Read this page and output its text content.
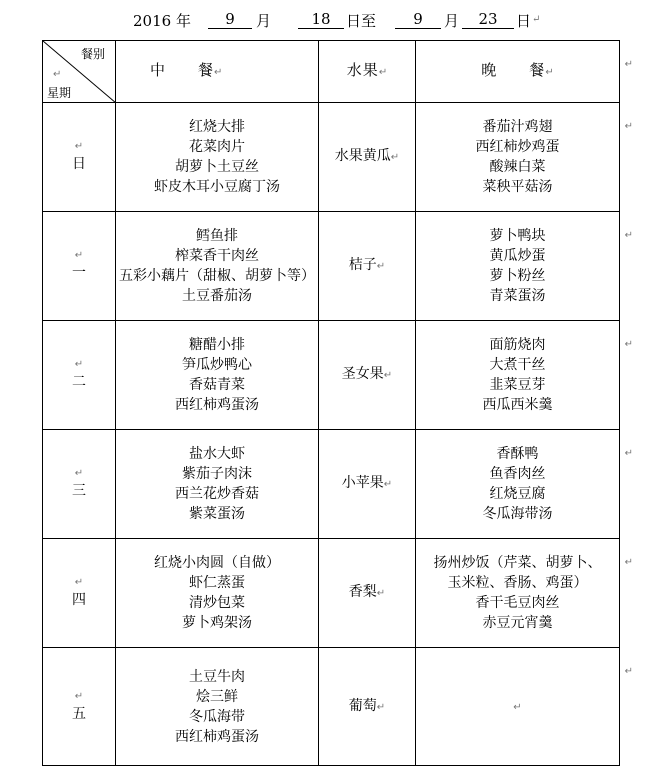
2016 年	9	月	18	日至	9	月	23	日 ↵
餐别
↵
星期	中　　餐↵	水果↵	晚　　餐↵
↵

↵
日	红烧大排
花菜肉片
胡萝卜土豆丝
虾皮木耳小豆腐丁汤	水果黄瓜↵	番茄汁鸡翅
西红柿炒鸡蛋
酸辣白菜
菜秧平菇汤
↵

↵
一	鳕鱼排
榨菜香干肉丝
五彩小藕片（甜椒、胡萝卜等）
土豆番茄汤	桔子↵	萝卜鸭块
黄瓜炒蛋
萝卜粉丝
青菜蛋汤
↵

↵
二	糖醋小排
笋瓜炒鸭心
香菇青菜
西红柿鸡蛋汤	圣女果↵	面筋烧肉
大煮干丝
韭菜豆芽
西瓜西米羹
↵

↵
三	盐水大虾
紫茄子肉沫
西兰花炒香菇
紫菜蛋汤	小苹果↵	香酥鸭
鱼香肉丝
红烧豆腐
冬瓜海带汤
↵

↵
四	红烧小肉圆（自做）
虾仁蒸蛋
清炒包菜
萝卜鸡架汤	香梨↵	扬州炒饭（芹菜、胡萝卜、
玉米粒、香肠、鸡蛋）
香干毛豆肉丝
赤豆元宵羹
↵

↵
五	土豆牛肉
烩三鲜
冬瓜海带
西红柿鸡蛋汤	葡萄↵	↵
↵
